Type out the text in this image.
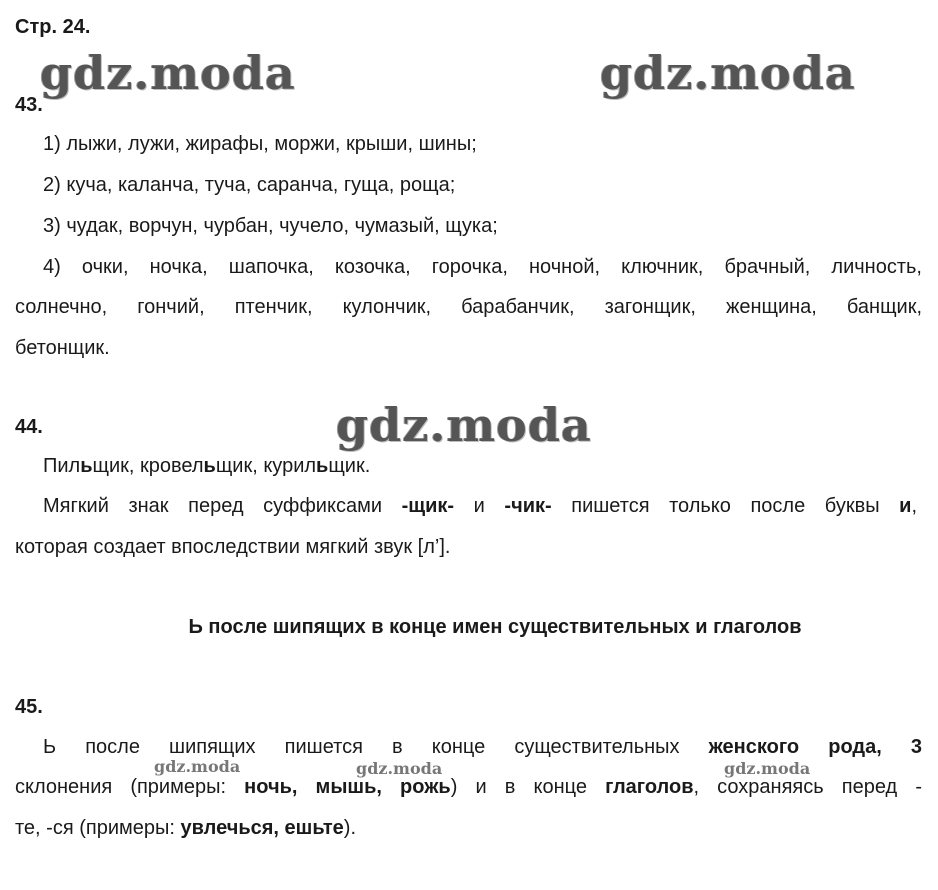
Стр. 24.
gdz.moda	gdz.moda
gdz.moda
gdz.moda	gdz.moda	gdz.moda
43.
1) лыжи, лужи, жирафы, моржи, крыши, шины;
2) куча, каланча, туча, саранча, гуща, роща;
3) чудак, ворчун, чурбан, чучело, чумазый, щука;
4) очки, ночка, шапочка, козочка, горочка, ночной, ключник, брачный, личность,
солнечно, гончий, птенчик, кулончик, барабанчик, загонщик, женщина, банщик,
бетонщик.
44.
Пильщик, кровельщик, курильщик.
Мягкий знак перед суффиксами -щик- и -чик- пишется только после буквы и,
которая создает впоследствии мягкий звук [л’].
Ь после шипящих в конце имен существительных и глаголов
45.
Ь после шипящих пишется в конце существительных женского рода, 3
склонения (примеры: ночь, мышь, рожь) и в конце глаголов, сохраняясь перед -
те, -ся (примеры: увлечься, ешьте).
